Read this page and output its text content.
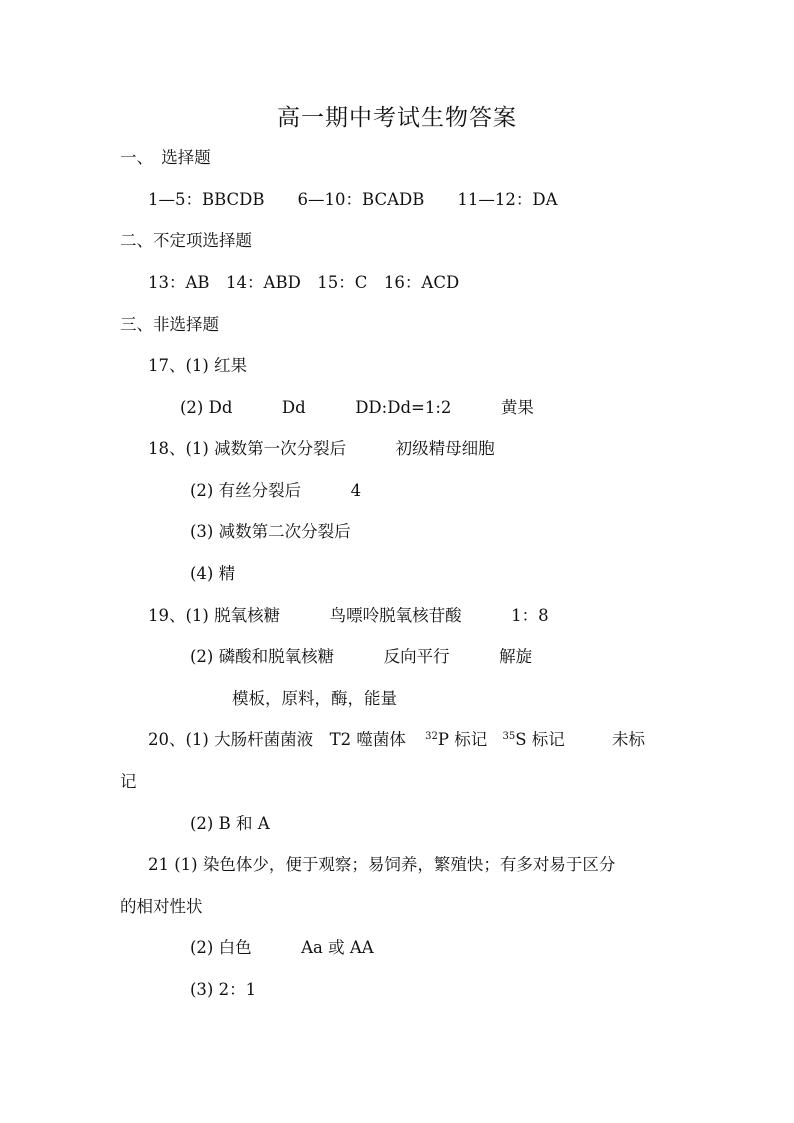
高一期中考试生物答案
一、　选择题
1—5：BBCDB　　6—10：BCADB　　11—12：DA
二、不定项选择题
13：AB　14：ABD　15：C　16：ACD
三、非选择题
17、(1) 红果
(2) Dd　　　Dd　　　DD:Dd=1:2　　　黄果
18、(1) 减数第一次分裂后　　　初级精母细胞
(2) 有丝分裂后　　　4
(3) 减数第二次分裂后
(4) 精
19、(1) 脱氧核糖　　　鸟嘌呤脱氧核苷酸　　　1：8
(2) 磷酸和脱氧核糖　　　反向平行　　　解旋
模板，原料，酶，能量
20、(1) 大肠杆菌菌液　T2 噬菌体 $^{32}$P 标记 $^{35}$S 标记	未标
记
(2) B 和 A
21 (1) 染色体少，便于观察；易饲养，繁殖快；有多对易于区分
的相对性状
(2) 白色　　　Aa 或 AA
(3) 2：1
